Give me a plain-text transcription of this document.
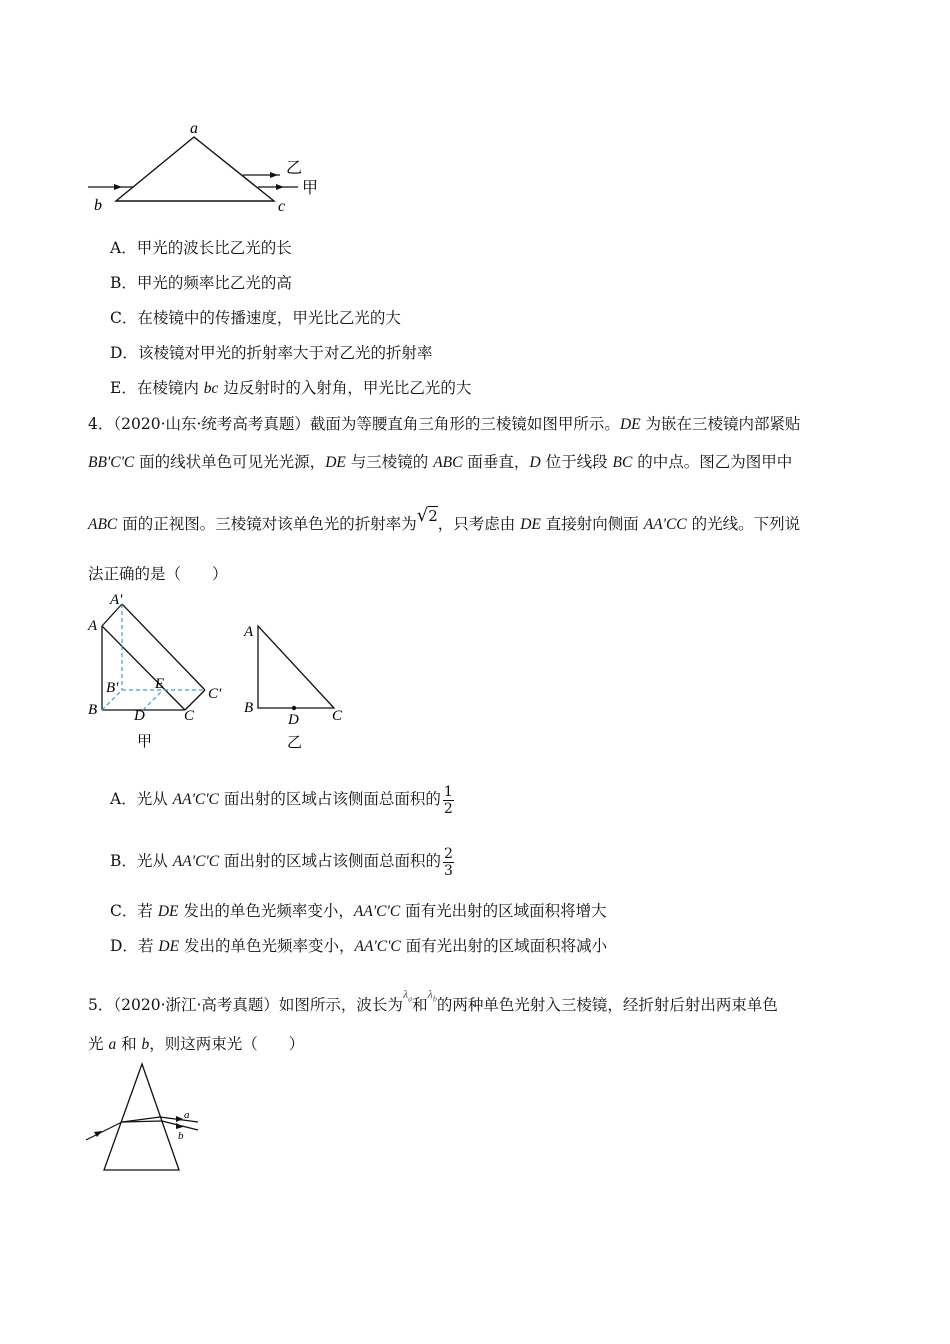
a
b	c
乙
甲
A．甲光的波长比乙光的长
B．甲光的频率比乙光的高
C．在棱镜中的传播速度，甲光比乙光的大
D．该棱镜对甲光的折射率大于对乙光的折射率
E．在棱镜内 bc 边反射时的入射角，甲光比乙光的大
4．（2020·山东·统考高考真题）截面为等腰直角三角形的三棱镜如图甲所示。DE 为嵌在三棱镜内部紧贴
BB'C'C 面的线状单色可见光光源，DE 与三棱镜的 ABC 面垂直，D 位于线段 BC 的中点。图乙为图甲中
ABC 面的正视图。三棱镜对该单色光的折射率为√2，只考虑由 DE 直接射向侧面 AA'CC 的光线。下列说
法正确的是（　　）
A'
A
B' E
C'
B D	C
甲
A
B
D C
乙
A．光从 AA'C'C 面出射的区域占该侧面总面积的 $\frac{1}{2}$
B．光从 AA'C'C 面出射的区域占该侧面总面积的 $\frac{2}{3}$
C．若 DE 发出的单色光频率变小，AA'C'C 面有光出射的区域面积将增大
D．若 DE 发出的单色光频率变小，AA'C'C 面有光出射的区域面积将减小
5．（2020·浙江·高考真题）如图所示，波长为$^{\lambda_a}$和$^{\lambda_b}$的两种单色光射入三棱镜，经折射后射出两束单色
光 a 和 b，则这两束光（　　）
a
b
